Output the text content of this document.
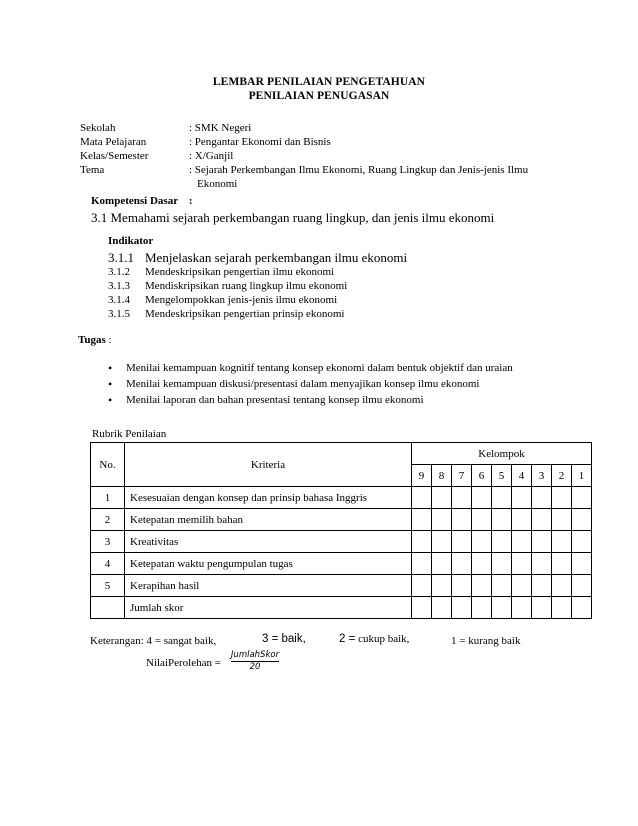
LEMBAR PENILAIAN PENGETAHUAN
PENILAIAN PENUGASAN
Sekolah	: SMK Negeri
Mata Pelajaran	: Pengantar Ekonomi dan Bisnis
Kelas/Semester	: X/Ganjil
Tema	: Sejarah Perkembangan Ilmu Ekonomi, Ruang Lingkup dan Jenis-jenis Ilmu
Ekonomi
Kompetensi Dasar    :
3.1 Memahami sejarah perkembangan ruang lingkup, dan jenis ilmu ekonomi
Indikator
3.1.1 Menjelaskan sejarah perkembangan ilmu ekonomi
3.1.2	Mendeskripsikan pengertian ilmu ekonomi
3.1.3	Mendiskripsikan ruang lingkup ilmu ekonomi
3.1.4	Mengelompokkan jenis-jenis ilmu ekonomi
3.1.5	Mendeskripsikan pengertian prinsip ekonomi
Tugas :
• Menilai kemampuan kognitif tentang konsep ekonomi dalam bentuk objektif dan uraian
• Menilai kemampuan diskusi/presentasi dalam menyajikan konsep ilmu ekonomi
• Menilai laporan dan bahan presentasi tentang konsep ilmu ekonomi
Rubrik Penilaian
No.	Kriteria	Kelompok								
		9	8	7	6	5	4	3	2	1
1	Kesesuaian dengan konsep dan prinsip bahasa Inggris									
2	Ketepatan memilih bahan									
3	Kreativitas									
4	Ketepatan waktu pengumpulan tugas									
5	Kerapihan hasil									
	Jumlah skor									
Keterangan: 4 = sangat baik,	3 = baik,	2 = cukup baik,	1 = kurang baik
NilaiPerolehan =
JumlahSkor
20
